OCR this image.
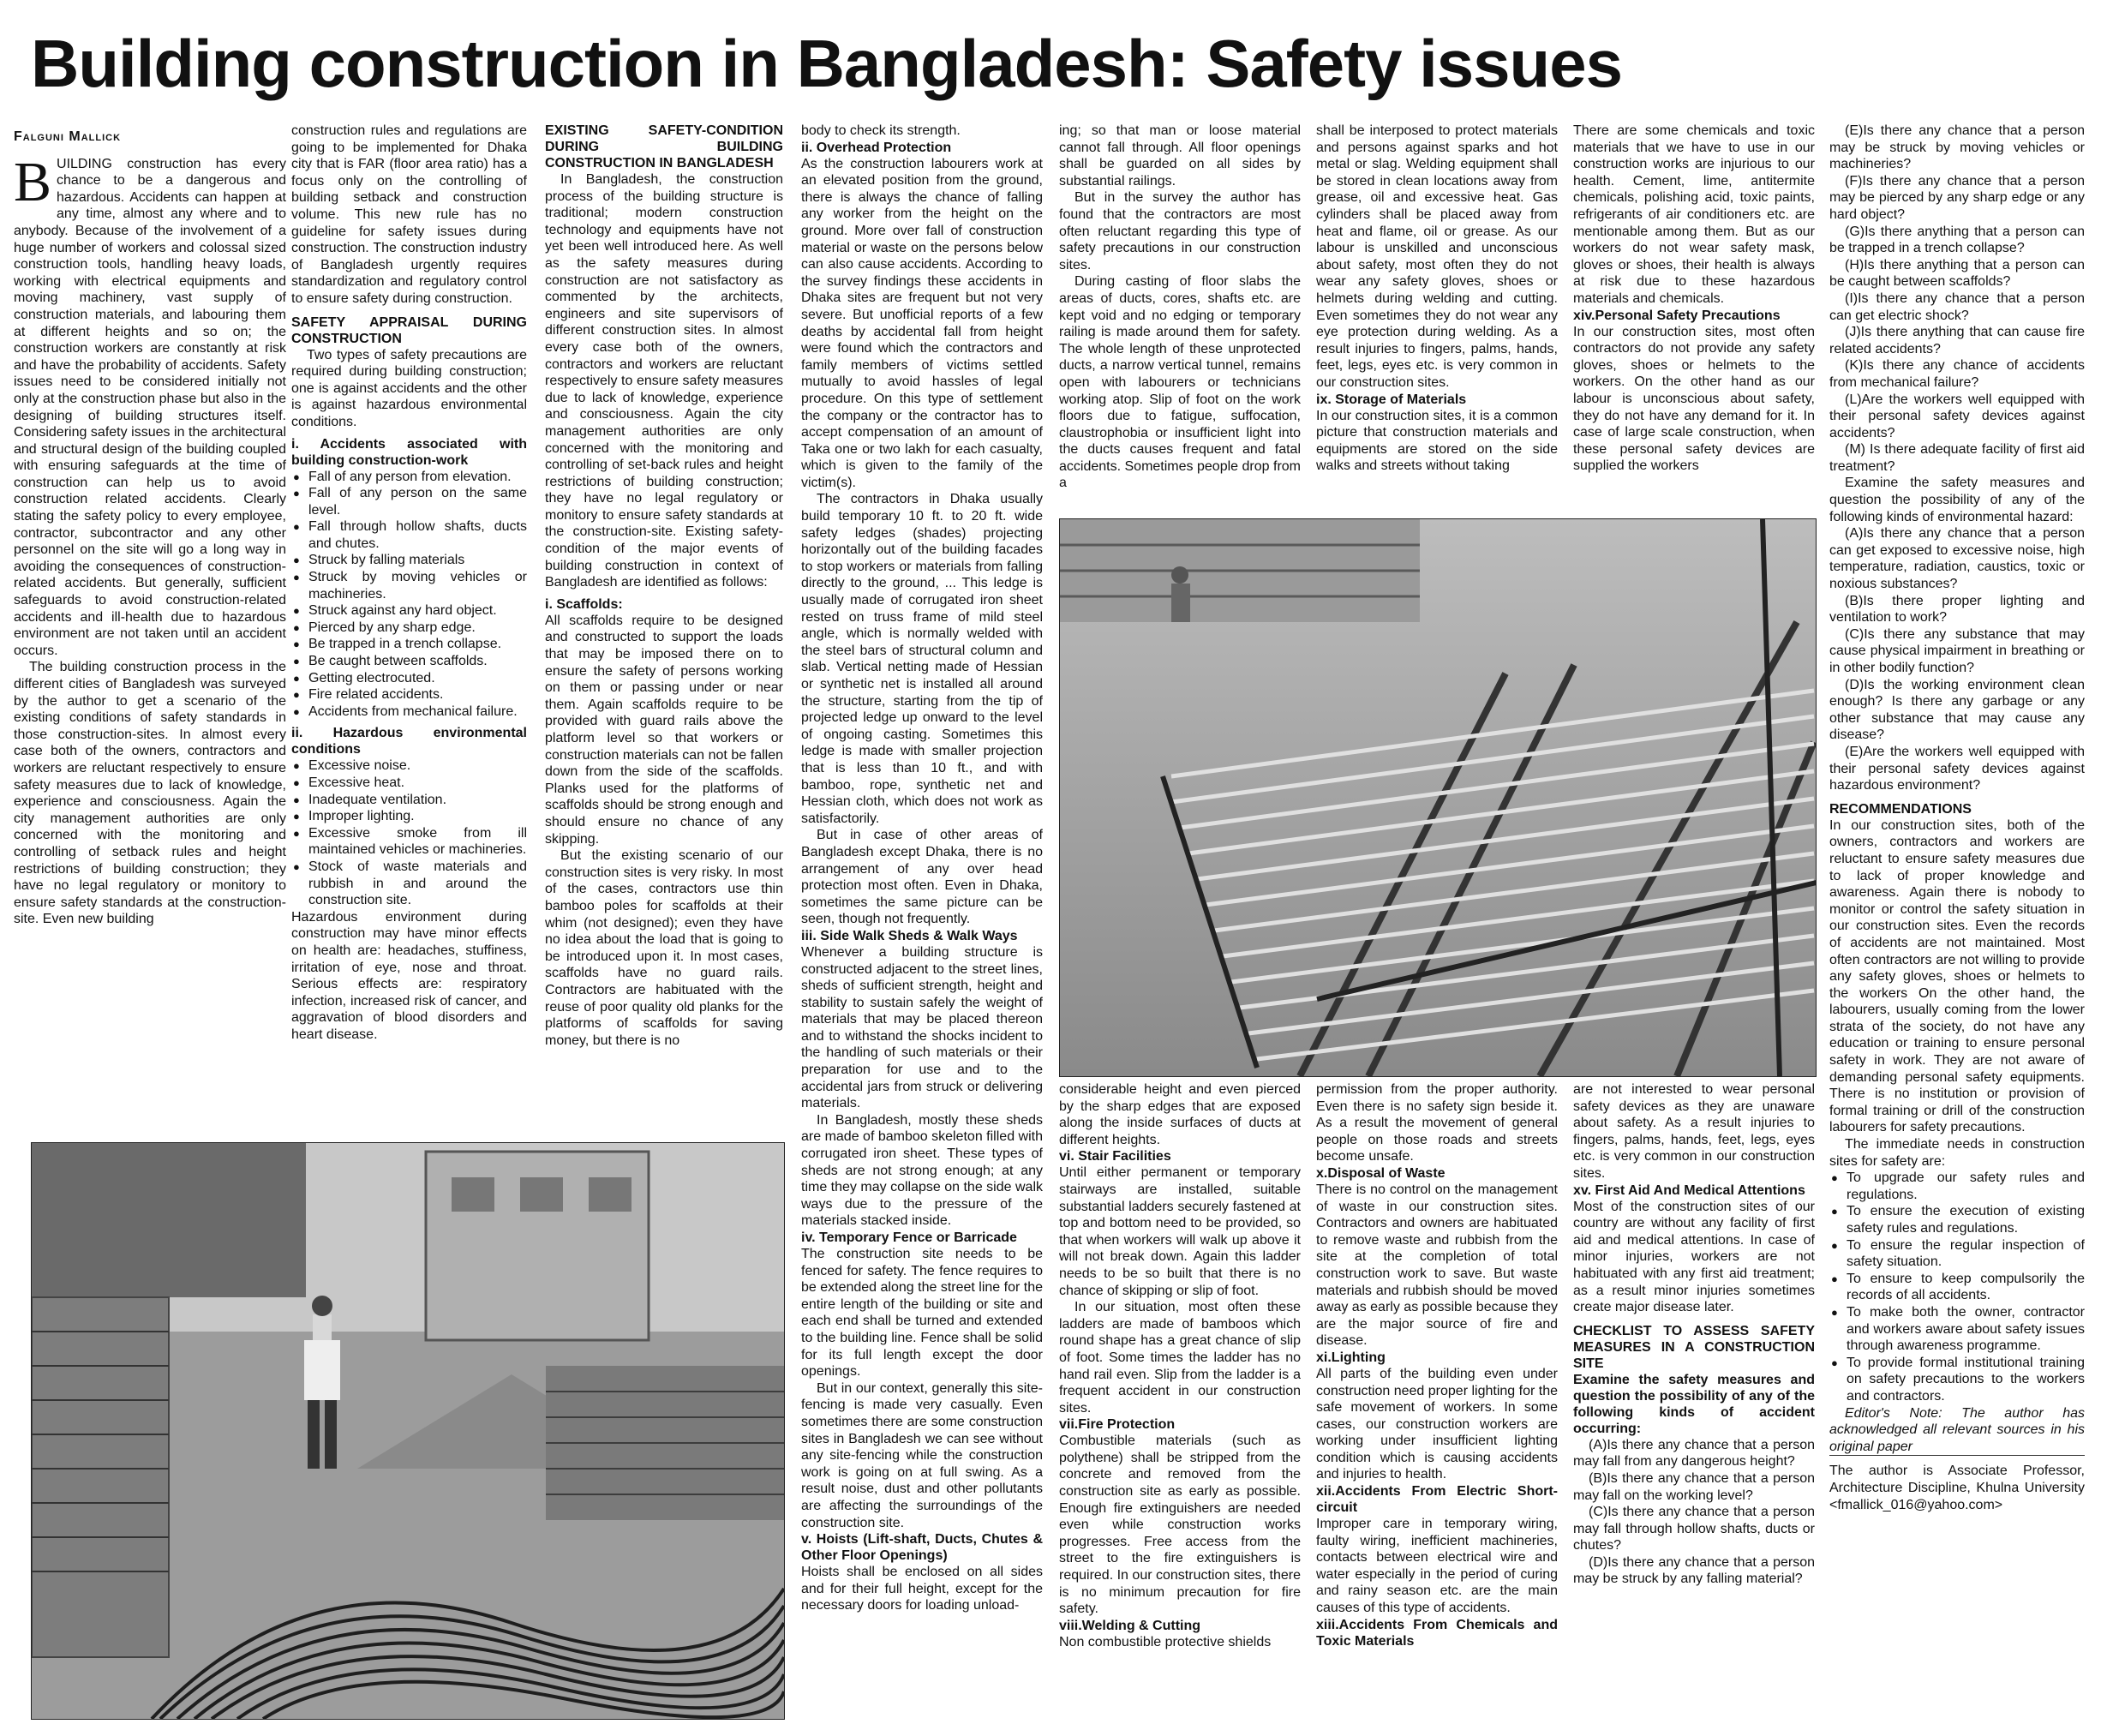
Building construction in Bangladesh: Safety issues
Falguni Mallick

BUILDING construction has every chance to be a dangerous and hazardous. Accidents can happen at any time, almost any where and to anybody. Because of the involvement of a huge number of workers and colossal sized construction tools, handling heavy loads, working with electrical equipments and moving machinery, vast supply of construction materials, and labouring them at different heights and so on; the construction workers are constantly at risk and have the probability of accidents. Safety issues need to be considered initially not only at the construction phase but also in the designing of building structures itself. Considering safety issues in the architectural and structural design of the building coupled with ensuring safeguards at the time of construction can help us to avoid construction related accidents. Clearly stating the safety policy to every employee, contractor, subcontractor and any other personnel on the site will go a long way in avoiding the consequences of construction-related accidents. But generally, sufficient safeguards to avoid construction-related accidents and ill-health due to hazardous environment are not taken until an accident occurs.

The building construction process in the different cities of Bangladesh was surveyed by the author to get a scenario of the existing conditions of safety standards in those construction-sites. In almost every case both of the owners, contractors and workers are reluctant respectively to ensure safety measures due to lack of knowledge, experience and consciousness. Again the city management authorities are only concerned with the monitoring and controlling of setback rules and height restrictions of building construction; they have no legal regulatory or monitory to ensure safety standards at the construction-site. Even new building

construction rules and regulations are going to be implemented for Dhaka city that is FAR (floor area ratio) has a focus only on the controlling of building setback and construction volume. This new rule has no guideline for safety issues during construction. The construction industry of Bangladesh urgently requires standardization and regulatory control to ensure safety during construction.

SAFETY APPRAISAL DURING CONSTRUCTION

Two types of safety precautions are required during building construction; one is against accidents and the other is against hazardous environmental conditions.

i. Accidents associated with building construction-work
● Fall of any person from elevation.
● Fall of any person on the same level.
● Fall through hollow shafts, ducts and chutes.
● Struck by falling materials
● Struck by moving vehicles or machineries.
● Struck against any hard object.
● Pierced by any sharp edge.
● Be trapped in a trench collapse.
● Be caught between scaffolds.
● Getting electrocuted.
● Fire related accidents.
● Accidents from mechanical failure.
ii. Hazardous environmental conditions
● Excessive noise.
● Excessive heat.
● Inadequate ventilation.
● Improper lighting.
● Excessive smoke from ill maintained vehicles or machineries.
● Stock of waste materials and rubbish in and around the construction site.

Hazardous environment during construction may have minor effects on health are: headaches, stuffiness, irritation of eye, nose and throat. Serious effects are: respiratory infection, increased risk of cancer, and aggravation of blood disorders and heart disease.

EXISTING SAFETY-CONDITION DURING BUILDING CONSTRUCTION IN BANGLADESH

In Bangladesh, the construction process of the building structure is traditional; modern construction technology and equipments have not yet been well introduced here. As well as the safety measures during construction are not satisfactory as commented by the architects, engineers and site supervisors of different construction sites. In almost every case both of the owners, contractors and workers are reluctant respectively to ensure safety measures due to lack of knowledge, experience and consciousness. Again the city management authorities are only concerned with the monitoring and controlling of set-back rules and height restrictions of building construction; they have no legal regulatory or monitory to ensure safety standards at the construction-site. Existing safety-condition of the major events of building construction in context of Bangladesh are identified as follows:

i. Scaffolds:

All scaffolds require to be designed and constructed to support the loads that may be imposed there on to ensure the safety of persons working on them or passing under or near them. Again scaffolds require to be provided with guard rails above the platform level so that workers or construction materials can not be fallen down from the side of the scaffolds. Planks used for the platforms of scaffolds should be strong enough and should ensure no chance of any skipping.

But the existing scenario of our construction sites is very risky. In most of the cases, contractors use thin bamboo poles for scaffolds at their whim (not designed); even they have no idea about the load that is going to be introduced upon it. In most cases, scaffolds have no guard rails. Contractors are habituated with the reuse of poor quality old planks for the platforms of scaffolds for saving money, but there is no

body to check its strength.

ii. Overhead Protection

As the construction labourers work at an elevated position from the ground, there is always the chance of falling any worker from the height on the ground. More over fall of construction material or waste on the persons below can also cause accidents. According to the survey findings these accidents in Dhaka sites are frequent but not very severe. But unofficial reports of a few deaths by accidental fall from height were found which the contractors and family members of victims settled mutually to avoid hassles of legal procedure. On this type of settlement the company or the contractor has to accept compensation of an amount of Taka one or two lakh for each casualty, which is given to the family of the victim(s).

The contractors in Dhaka usually build temporary 10 ft. to 20 ft. wide safety ledges (shades) projecting horizontally out of the building facades to stop workers or materials from falling directly to the ground, ... This ledge is usually made of corrugated iron sheet rested on truss frame of mild steel angle, which is normally welded with the steel bars of structural column and slab. Vertical netting made of Hessian or synthetic net is installed all around the structure, starting from the tip of projected ledge up onward to the level of ongoing casting. Sometimes this ledge is made with smaller projection that is less than 10 ft., and with bamboo, rope, synthetic net and Hessian cloth, which does not work as satisfactorily.

But in case of other areas of Bangladesh except Dhaka, there is no arrangement of any over head protection most often. Even in Dhaka, sometimes the same picture can be seen, though not frequently.

iii. Side Walk Sheds & Walk Ways

Whenever a building structure is constructed adjacent to the street lines, sheds of sufficient strength, height and stability to sustain safely the weight of materials that may be placed thereon and to withstand the shocks incident to the handling of such materials or their preparation for use and to the accidental jars from struck or delivering materials.

In Bangladesh, mostly these sheds are made of bamboo skeleton filled with corrugated iron sheet. These types of sheds are not strong enough; at any time they may collapse on the side walk ways due to the pressure of the materials stacked inside.

iv. Temporary Fence or Barricade

The construction site needs to be fenced for safety. The fence requires to be extended along the street line for the entire length of the building or site and each end shall be turned and extended to the building line. Fence shall be solid for its full length except the door openings.

But in our context, generally this site-fencing is made very casually. Even sometimes there are some construction sites in Bangladesh we can see without any site-fencing while the construction work is going on at full swing. As a result noise, dust and other pollutants are affecting the surroundings of the construction site.

v. Hoists (Lift-shaft, Ducts, Chutes & Other Floor Openings)

Hoists shall be enclosed on all sides and for their full height, except for the necessary doors for loading unload-

ing; so that man or loose material cannot fall through. All floor openings shall be guarded on all sides by substantial railings.

But in the survey the author has found that the contractors are most often reluctant regarding this type of safety precautions in our construction sites.

During casting of floor slabs the areas of ducts, cores, shafts etc. are kept void and no edging or temporary railing is made around them for safety. The whole length of these unprotected ducts, a narrow vertical tunnel, remains open with labourers or technicians working atop. Slip of foot on the work floors due to fatigue, suffocation, claustrophobia or insufficient light into the ducts causes frequent and fatal accidents. Sometimes people drop from a

shall be interposed to protect materials and persons against sparks and hot metal or slag. Welding equipment shall be stored in clean locations away from grease, oil and excessive heat. Gas cylinders shall be placed away from heat and flame, oil or grease. As our labour is unskilled and unconscious about safety, most often they do not wear any safety gloves, shoes or helmets during welding and cutting. Even sometimes they do not wear any eye protection during welding. As a result injuries to fingers, palms, hands, feet, legs, eyes etc. is very common in our construction sites.

ix. Storage of Materials

In our construction sites, it is a common picture that construction materials and equipments are stored on the side walks and streets without taking

There are some chemicals and toxic materials that we have to use in our construction works are injurious to our health. Cement, lime, antitermite chemicals, polishing acid, toxic paints, refrigerants of air conditioners etc. are mentionable among them. But as our workers do not wear safety mask, gloves or shoes, their health is always at risk due to these hazardous materials and chemicals.

xiv.Personal Safety Precautions

In our construction sites, most often contractors do not provide any safety gloves, shoes or helmets to the workers. On the other hand as our labour is unconscious about safety, they do not have any demand for it. In case of large scale construction, when these personal safety devices are supplied the workers

(E)Is there any chance that a person may be struck by moving vehicles or machineries?

(F)Is there any chance that a person may be pierced by any sharp edge or any hard object?

(G)Is there anything that a person can be trapped in a trench collapse?

(H)Is there anything that a person can be caught between scaffolds?

(I)Is there any chance that a person can get electric shock?

(J)Is there anything that can cause fire related accidents?

(K)Is there any chance of accidents from mechanical failure?

(L)Are the workers well equipped with their personal safety devices against accidents?

(M) Is there adequate facility of first aid treatment?

Examine the safety measures and question the possibility of any of the following kinds of environmental hazard:

(A)Is there any chance that a person can get exposed to excessive noise, high temperature, radiation, caustics, toxic or noxious substances?

(B)Is there proper lighting and ventilation to work?

(C)Is there any substance that may cause physical impairment in breathing or in other bodily function?

(D)Is the working environment clean enough? Is there any garbage or any other substance that may cause any disease?

(E)Are the workers well equipped with their personal safety devices against hazardous environment?

RECOMMENDATIONS

In our construction sites, both of the owners, contractors and workers are reluctant to ensure safety measures due to lack of proper knowledge and awareness. Again there is nobody to monitor or control the safety situation in our construction sites. Even the records of accidents are not maintained. Most often contractors are not willing to provide any safety gloves, shoes or helmets to the workers On the other hand, the labourers, usually coming from the lower strata of the society, do not have any education or training to ensure personal safety in work. They are not aware of demanding personal safety equipments. There is no institution or provision of formal training or drill of the construction labourers for safety precautions.

The immediate needs in construction sites for safety are:

● To upgrade our safety rules and regulations.
● To ensure the execution of existing safety rules and regulations.
● To ensure the regular inspection of safety situation.
● To ensure to keep compulsorily the records of all accidents.
● To make both the owner, contractor and workers aware about safety issues through awareness programme.
● To provide formal institutional training on safety precautions to the workers and contractors.

Editor's Note: The author has acknowledged all relevant sources in his original paper

The author is Associate Professor, Architecture Discipline, Khulna University <fmallick_016@yahoo.com>

considerable height and even pierced by the sharp edges that are exposed along the inside surfaces of ducts at different heights.

vi. Stair Facilities

Until either permanent or temporary stairways are installed, suitable substantial ladders securely fastened at top and bottom need to be provided, so that when workers will walk up above it will not break down. Again this ladder needs to be so built that there is no chance of skipping or slip of foot.

In our situation, most often these ladders are made of bamboos which round shape has a great chance of slip of foot. Some times the ladder has no hand rail even. Slip from the ladder is a frequent accident in our construction sites.

vii.Fire Protection

Combustible materials (such as polythene) shall be stripped from the concrete and removed from the construction site as early as possible. Enough fire extinguishers are needed even while construction works progresses. Free access from the street to the fire extinguishers is required. In our construction sites, there is no minimum precaution for fire safety.

viii.Welding & Cutting

Non combustible protective shields

permission from the proper authority. Even there is no safety sign beside it. As a result the movement of general people on those roads and streets become unsafe.

x.Disposal of Waste

There is no control on the management of waste in our construction sites. Contractors and owners are habituated to remove waste and rubbish from the site at the completion of total construction work to save. But waste materials and rubbish should be moved away as early as possible because they are the major source of fire and disease.

xi.Lighting

All parts of the building even under construction need proper lighting for the safe movement of workers. In some cases, our construction workers are working under insufficient lighting condition which is causing accidents and injuries to health.

xii.Accidents From Electric Short-circuit

Improper care in temporary wiring, faulty wiring, inefficient machineries, contacts between electrical wire and water especially in the period of curing and rainy season etc. are the main causes of this type of accidents.

xiii.Accidents From Chemicals and Toxic Materials

are not interested to wear personal safety devices as they are unaware about safety. As a result injuries to fingers, palms, hands, feet, legs, eyes etc. is very common in our construction sites.

xv. First Aid And Medical Attentions

Most of the construction sites of our country are without any facility of first aid and medical attentions. In case of minor injuries, workers are not habituated with any first aid treatment; as a result minor injuries sometimes create major disease later.

CHECKLIST TO ASSESS SAFETY MEASURES IN A CONSTRUCTION SITE
Examine the safety measures and question the possibility of any of the following kinds of accident occurring:

(A)Is there any chance that a person may fall from any dangerous height?

(B)Is there any chance that a person may fall on the working level?

(C)Is there any chance that a person may fall through hollow shafts, ducts or chutes?

(D)Is there any chance that a person may be struck by any falling material?
